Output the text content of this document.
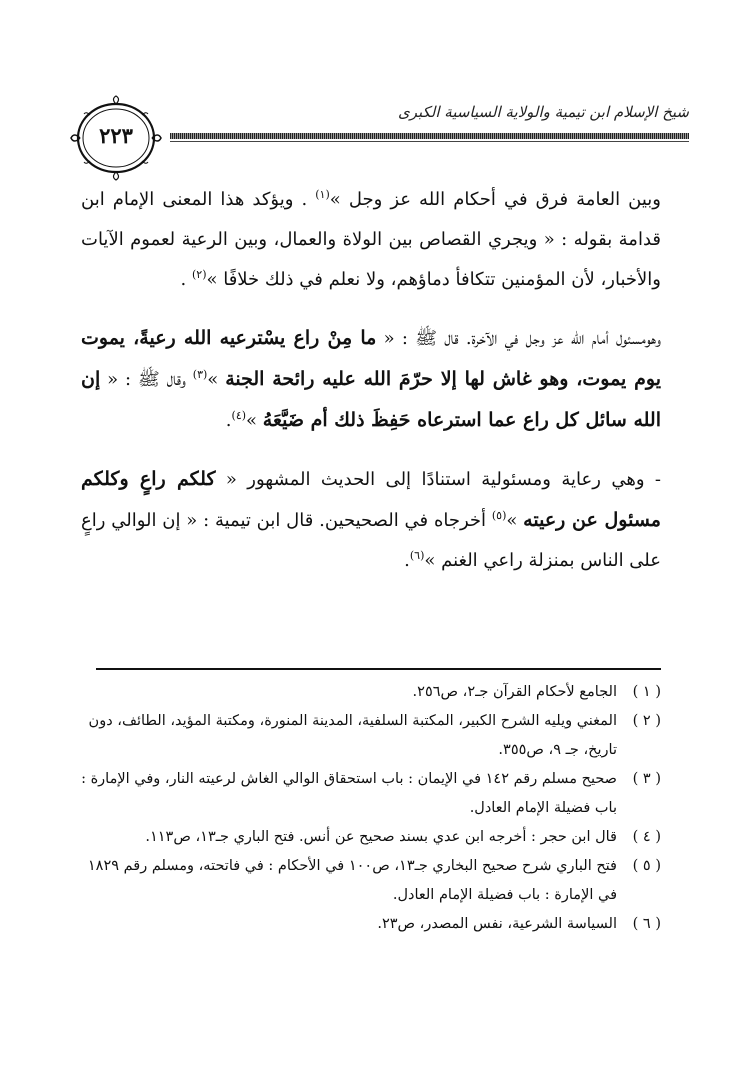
شيخ الإسلام ابن تيمية والولاية السياسية الكبرى
٢٢٣

وبين العامة فرق في أحكام الله عز وجل »$^{(١)}$ . ويؤكد هذا المعنى الإمام ابن قدامة بقوله : « ويجري القصاص بين الولاة والعمال، وبين الرعية لعموم الآيات والأخبار، لأن المؤمنين تتكافأ دماؤهم، ولا نعلم في ذلك خلافًا »$^{(٢)}$ .

وهومسئول أمام الله عز وجل في الآخرة. قال ﷺ : « ما مِنْ راع يسْترعيه الله رعيةً، يموت يوم يموت، وهو غاش لها إلا حرّمَ الله عليه رائحة الجنة »$^{(٣)}$ وقال ﷺ : « إن الله سائل كل راع عما استرعاه حَفِظَ ذلك أم ضَيَّعَهُ »$^{(٤)}$.

- وهي رعاية ومسئولية استنادًا إلى الحديث المشهور « كلكم راعٍ وكلكم مسئول عن رعيته »$^{(٥)}$ أخرجاه في الصحيحين. قال ابن تيمية : « إن الوالي راعٍ على الناس بمنزلة راعي الغنم »$^{(٦)}$.

( ١ )
الجامع لأحكام القرآن جـ٢، ص٢٥٦.
( ٢ )
المغني ويليه الشرح الكبير، المكتبة السلفية، المدينة المنورة، ومكتبة المؤيد، الطائف، دون تاريخ، جـ ٩، ص٣٥٥.
( ٣ )
صحيح مسلم رقم ١٤٢ في الإيمان : باب استحقاق الوالي الغاش لرعيته النار، وفي الإمارة : باب فضيلة الإمام العادل.
( ٤ )
قال ابن حجر : أخرجه ابن عدي بسند صحيح عن أنس. فتح الباري جـ١٣، ص١١٣.
( ٥ )
فتح الباري شرح صحيح البخاري جـ١٣، ص١٠٠ في الأحكام : في فاتحته، ومسلم رقم ١٨٢٩ في الإمارة : باب فضيلة الإمام العادل.
( ٦ )
السياسة الشرعية، نفس المصدر، ص٢٣.
